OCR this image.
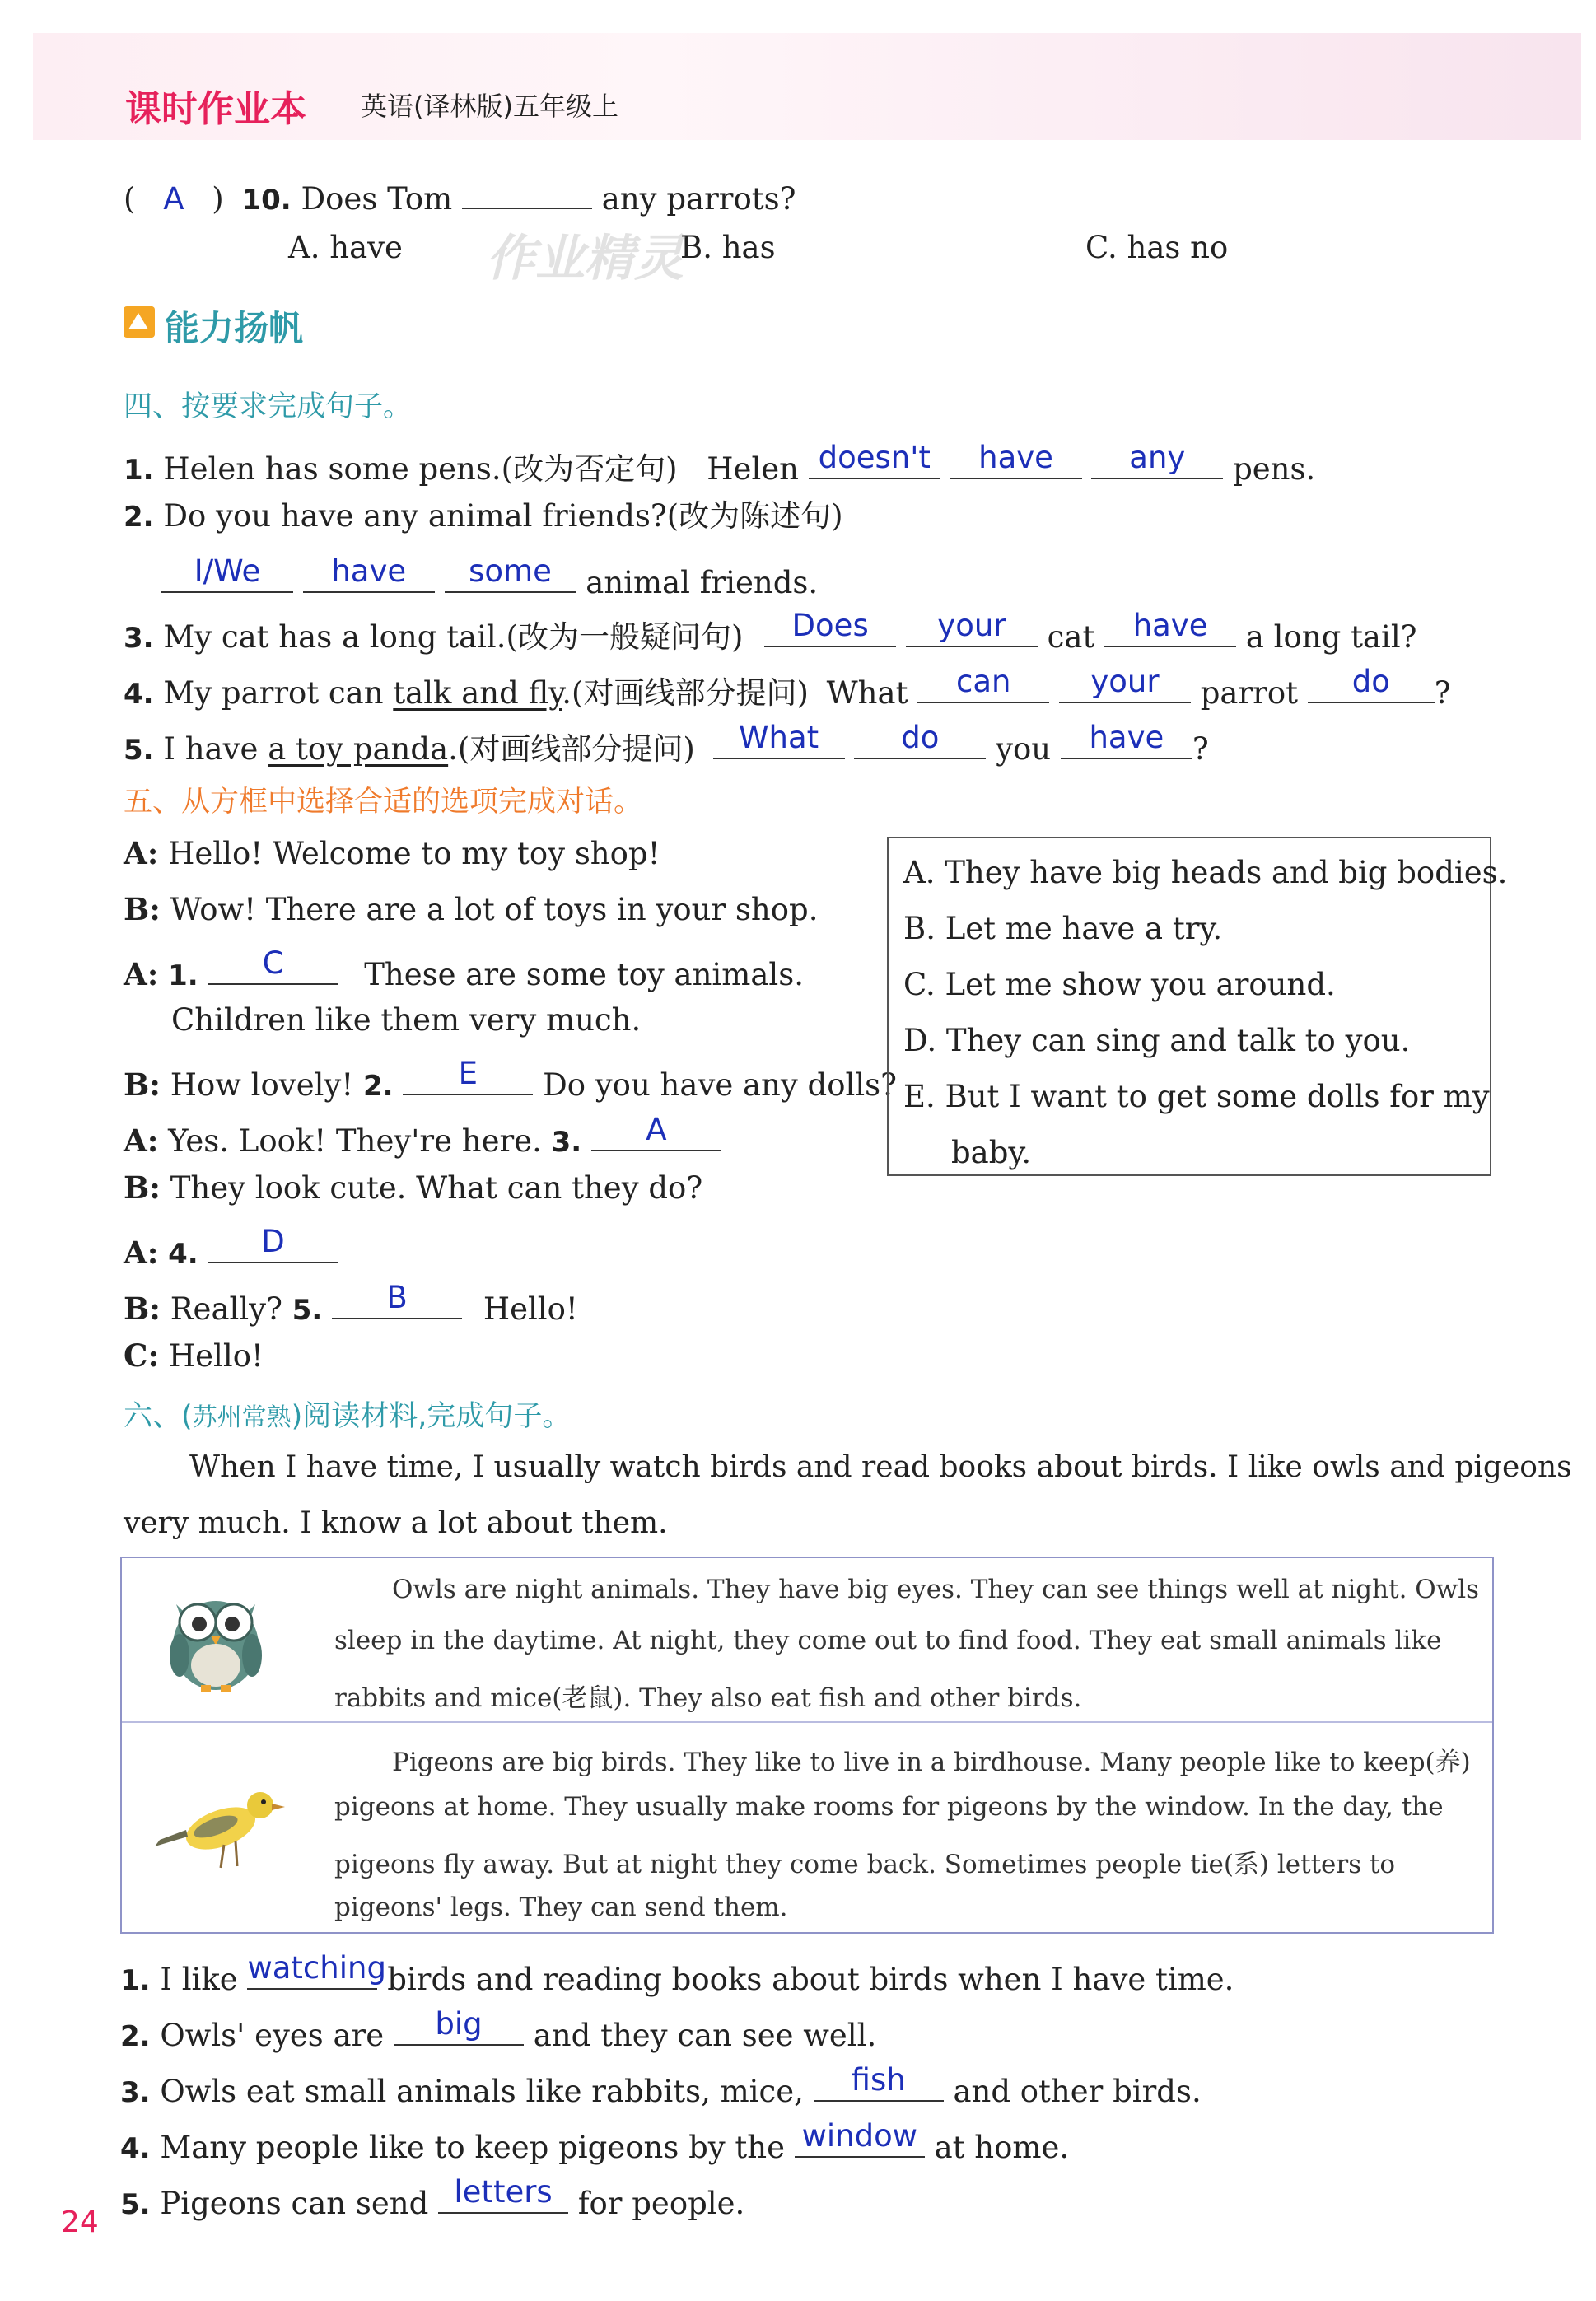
课时作业本 英语(译林版)五年级上
( A ) 10. Does Tom	any parrots?
A. have	B. has	C. has no
作业精灵
能力扬帆
四、按要求完成句子。
1. Helen has some pens.(改为否定句) Helen doesn't
	have
	any	pens.
2. Do you have any animal friends?(改为陈述句)
I/We
	have
	some	animal friends.
3. My cat has a long tail.(改为一般疑问句)	Does
	your	cat	have	a long tail?
4. My parrot can talk and fly.(对画线部分提问) What	can
	your	parrot	do	?
5. I have a toy panda.(对画线部分提问)	What
	do	you	have ?
五、从方框中选择合适的选项完成对话。
A: Hello! Welcome to my toy shop!
B: Wow! There are a lot of toys in your shop.
A: 1.	C	These are some toy animals.
Children like them very much.
B: How lovely! 2.	E	Do you have any dolls?
A: Yes. Look! They're here. 3.	A
B: They look cute. What can they do?
A: 4.	D
B: Really? 5.	B	Hello!
C: Hello!
A. They have big heads and big bodies.
B. Let me have a try.
C. Let me show you around.
D. They can sing and talk to you.
E. But I want to get some dolls for my
baby.
六、(苏州常熟)阅读材料,完成句子。
When I have time, I usually watch birds and read books about birds. I like owls and pigeons
very much. I know a lot about them.
Owls are night animals. They have big eyes. They can see things well at night. Owls
sleep in the daytime. At night, they come out to find food. They eat small animals like
rabbits and mice(老鼠). They also eat fish and other birds.
Pigeons are big birds. They like to live in a birdhouse. Many people like to keep(养)
pigeons at home. They usually make rooms for pigeons by the window. In the day, the
pigeons fly away. But at night they come back. Sometimes people tie(系) letters to
pigeons' legs. They can send them.
1. I like watching birds and reading books about birds when I have time.
2. Owls' eyes are	big	and they can see well.
3. Owls eat small animals like rabbits, mice,	fish	and other birds.
4. Many people like to keep pigeons by the window at home.
5. Pigeons can send letters for people.
24
